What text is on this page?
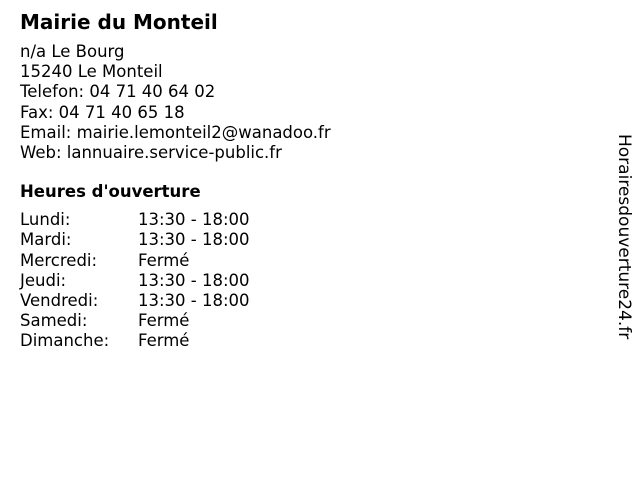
Mairie du Monteil
n/a Le Bourg
15240 Le Monteil
Telefon: 04 71 40 64 02
Fax: 04 71 40 65 18
Email: mairie.lemonteil2@wanadoo.fr
Web: lannuaire.service-public.fr
Heures d'ouverture
Lundi:	13:30 - 18:00
Mardi:	13:30 - 18:00
Mercredi:	Fermé
Jeudi:	13:30 - 18:00
Vendredi:	13:30 - 18:00
Samedi:	Fermé
Dimanche:	Fermé
Horairesdouverture24.fr
